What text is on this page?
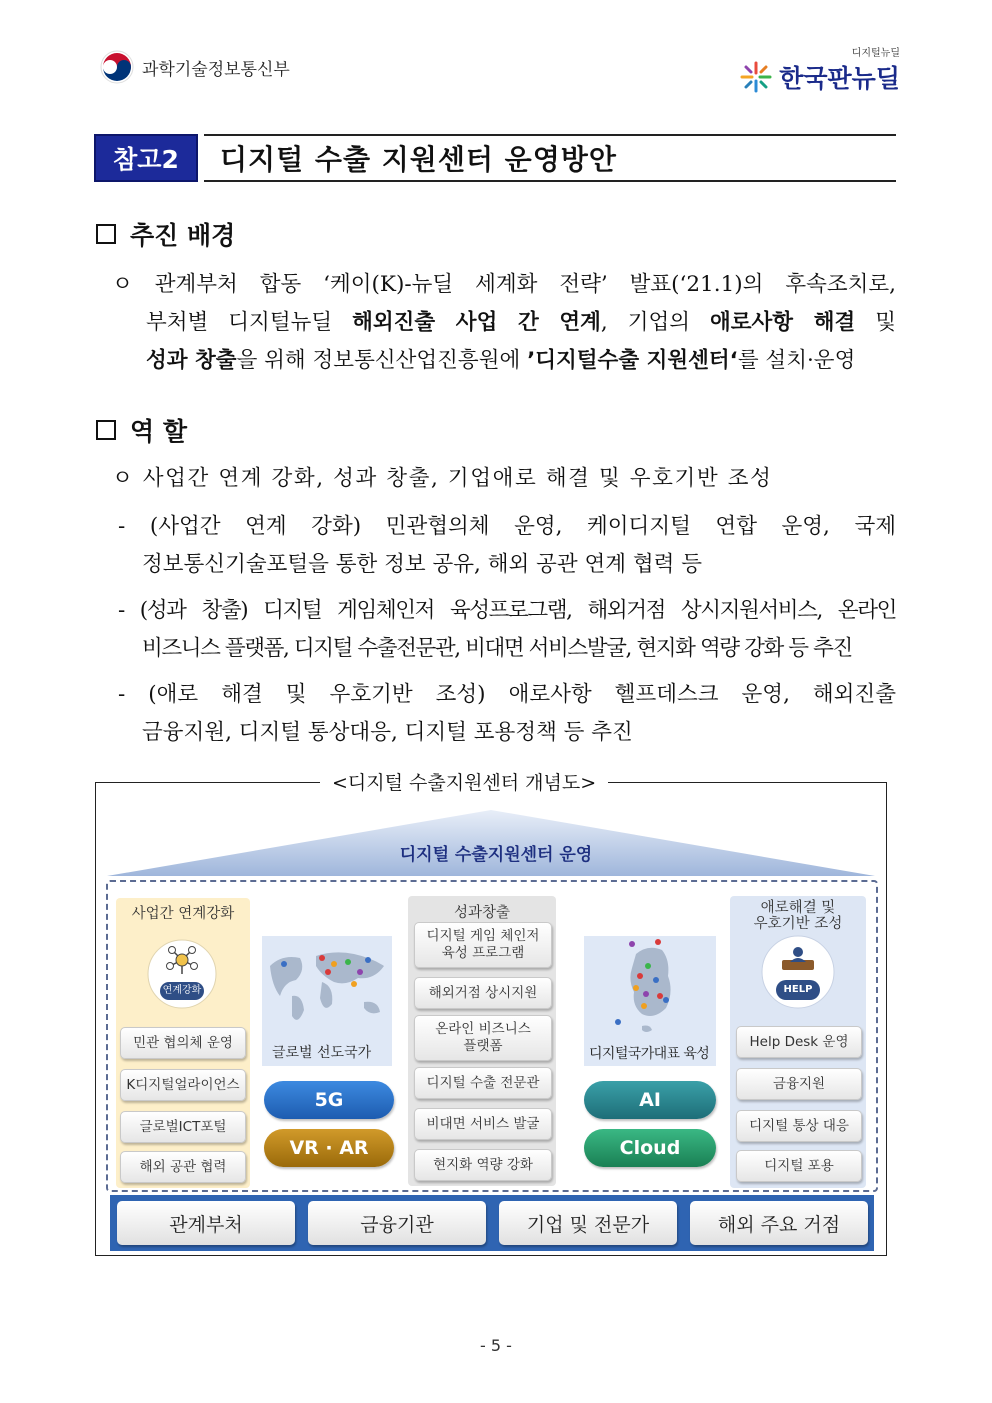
과학기술정보통신부
디지털뉴딜
한국판뉴딜
참고2	디지털 수출 지원센터 운영방안
추진 배경
ㅇ 관계부처 합동 ‘케이(K)-뉴딜 세계화 전략’ 발표(‘21.1)의 후속조치로,
부처별 디지털뉴딜 해외진출 사업 간 연계, 기업의 애로사항 해결 및
성과 창출을 위해 정보통신산업진흥원에 ’디지털수출 지원센터‘를 설치·운영
역 할
ㅇ 사업간 연계 강화, 성과 창출, 기업애로 해결 및 우호기반 조성
- (사업간 연계 강화) 민관협의체 운영, 케이디지털 연합 운영, 국제
정보통신기술포털을 통한 정보 공유, 해외 공관 연계 협력 등
- (성과 창출) 디지털 게임체인저 육성프로그램, 해외거점 상시지원서비스, 온라인
비즈니스 플랫폼, 디지털 수출전문관, 비대면 서비스발굴, 현지화 역량 강화 등 추진
- (애로 해결 및 우호기반 조성) 애로사항 헬프데스크 운영, 해외진출
금융지원, 디지털 통상대응, 디지털 포용정책 등 추진
<디지털 수출지원센터 개념도>
디지털 수출지원센터 운영
사업간 연계강화
연계강화
민관 협의체 운영
K디지털얼라이언스
글로벌ICT포털
해외 공관 협력
글로벌 선도국가
5G
VR · AR
성과창출
디지털 게임 체인저
육성 프로그램
해외거점 상시지원
온라인 비즈니스
플랫폼
디지털 수출 전문관
비대면 서비스 발굴
현지화 역량 강화
디지털국가대표 육성
AI
Cloud
애로해결 및
우호기반 조성
HELP
Help Desk 운영
금융지원
디지털 통상 대응
디지털 포용
관계부처	금융기관	기업 및 전문가	해외 주요 거점
- 5 -
